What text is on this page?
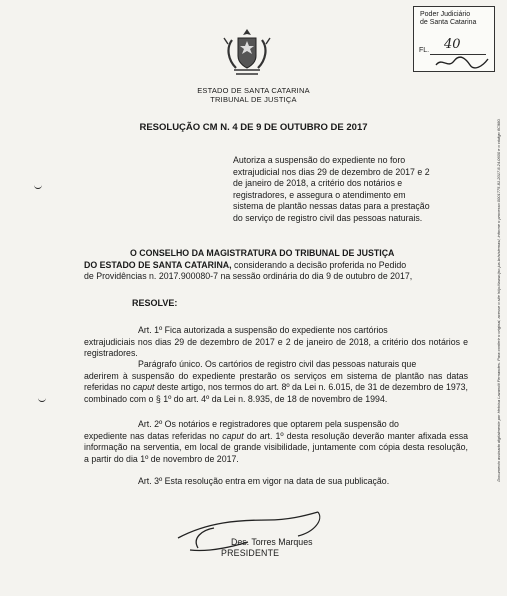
Poder Judiciário
de Santa Catarina
FL. 40
ESTADO DE SANTA CATARINA
TRIBUNAL DE JUSTIÇA
RESOLUÇÃO CM N. 4 DE 9 DE OUTUBRO DE 2017
Autoriza a suspensão do expediente no foro
extrajudicial nos dias 29 de dezembro de 2017 e 2
de janeiro de 2018, a critério dos notários e
registradores, e assegura o atendimento em
sistema de plantão nessas datas para a prestação
do serviço de registro civil das pessoas naturais.
O CONSELHO DA MAGISTRATURA DO TRIBUNAL DE JUSTIÇA
DO ESTADO DE SANTA CATARINA, considerando a decisão proferida no Pedido
de Providências n. 2017.900080-7 na sessão ordinária do dia 9 de outubro de 2017,
RESOLVE:
Art. 1º Fica autorizada a suspensão do expediente nos cartórios
extrajudiciais nos dias 29 de dezembro de 2017 e 2 de janeiro de 2018, a critério dos notários e registradores.
Parágrafo único. Os cartórios de registro civil das pessoas naturais que
aderirem à suspensão do expediente prestarão os serviços em sistema de plantão nas datas referidas no caput deste artigo, nos termos do art. 8º da Lei n. 6.015, de 31 de dezembro de 1973, combinado com o § 1º do art. 4º da Lei n. 8.935, de 18 de novembro de 1994.
Art. 2º Os notários e registradores que optarem pela suspensão do
expediente nas datas referidas no caput do art. 1º desta resolução deverão manter afixada essa informação na serventia, em local de grande visibilidade, juntamente com cópia desta resolução, a partir do dia 1º de novembro de 2017.
Art. 3º Esta resolução entra em vigor na data de sua publicação.
Des. Torres Marques
PRESIDENTE
Documento assinado digitalmente por Heloísa Lazarotti Fernandes. Para conferir o original, acesse o site http://www.tjsc.jus.br/sistemas/, informe o processo 0001775-81.2017.8.24.0600 e o código 6C980.
